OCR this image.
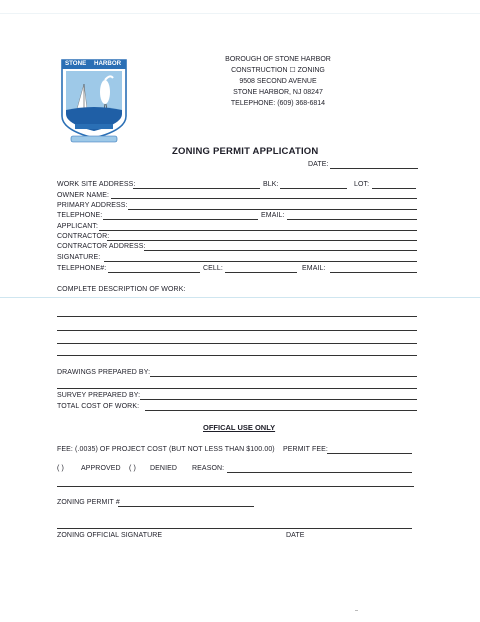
STONE HARBOR
BOROUGH OF STONE HARBOR
CONSTRUCTION ☐ ZONING
9508 SECOND AVENUE
STONE HARBOR, NJ 08247
TELEPHONE: (609) 368-6814
ZONING PERMIT APPLICATION
DATE:
WORK SITE ADDRESS:	BLK:	LOT:
OWNER NAME:
PRIMARY ADDRESS:
TELEPHONE:	EMAIL:
APPLICANT:
CONTRACTOR:
CONTRACTOR ADDRESS:
SIGNATURE:
TELEPHONE#:	CELL:	EMAIL:
COMPLETE DESCRIPTION OF WORK:
DRAWINGS PREPARED BY:
SURVEY PREPARED BY:
TOTAL COST OF WORK:
OFFICAL USE ONLY
FEE: (.0035) OF PROJECT COST (BUT NOT LESS THAN $100.00) PERMIT FEE:
( ) APPROVED ( ) DENIED REASON:
ZONING PERMIT #
ZONING OFFICIAL SIGNATURE	DATE
